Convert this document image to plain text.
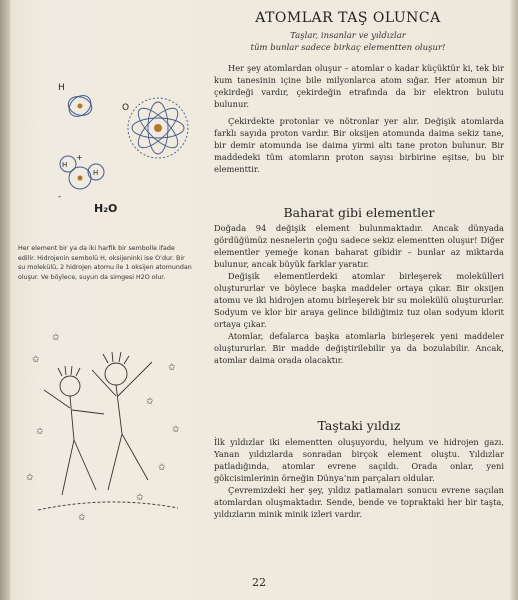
ATOMLAR TAŞ OLUNCA
Taşlar, insanlar ve yıldızlar
tüm bunlar sadece birkaç elementten oluşur!
H
O
H
H
+
-
H₂O
Her element bir ya da iki harfik bir sembolle ifade edilir. Hidrojenin sembolü H, oksijeninki ise O’dur. Bir su molekülü, 2 hidrojen atomu ile 1 oksijen atomundan oluşur. Ve böylece, suyun da simgesi H2O olur.
✩
✩
✩
✩
✩
✩
✩
✩
✩
✩

Her şey atomlardan oluşur – atomlar o kadar küçüktür ki, tek bir kum tanesinin içine bile milyonlarca atom sığar. Her atomun bir çekirdeği vardır, çekirdeğin etrafında da bir elektron bulutu bulunur.

Çekirdekte protonlar ve nötronlar yer alır. Değişik atomlarda farklı sayıda proton vardır. Bir oksijen atomunda daima sekiz tane, bir demir atomunda ise daima yirmi altı tane proton bulunur. Bir maddedeki tüm atomların proton sayısı birbirine eşitse, bu bir elementtir.

Baharat gibi elementler

Doğada 94 değişik element bulunmaktadır. Ancak dünyada gördüğümüz nesnelerin çoğu sadece sekiz elementten oluşur! Diğer elementler yemeğe konan baharat gibidir – bunlar az miktarda bulunur, ancak büyük farklar yaratır.

Değişik elementlerdeki atomlar birleşerek molekülleri oluştururlar ve böylece başka maddeler ortaya çıkar. Bir oksijen atomu ve iki hidrojen atomu birleşerek bir su molekülü oluştururlar. Sodyum ve klor bir araya gelince bildiğimiz tuz olan sodyum klorit ortaya çıkar.

Atomlar, defalarca başka atomlarla birleşerek yeni maddeler oluştururlar. Bir madde değiştirilebilir ya da bozulabilir. Ancak, atomlar daima orada olacaktır.

Taştaki yıldız

İlk yıldızlar iki elementten oluşuyordu, helyum ve hidrojen gazı. Yanan yıldızlarda sonradan birçok element oluştu. Yıldızlar patladığında, atomlar evrene saçıldı. Orada onlar, yeni gökcisimlerinin örneğin Dünya’nın parçaları oldular.

Çevremizdeki her şey, yıldız patlamaları sonucu evrene saçılan atomlardan oluşmaktadır. Sende, bende ve topraktaki her bir taşta, yıldızların minik minik izleri vardır.

22
